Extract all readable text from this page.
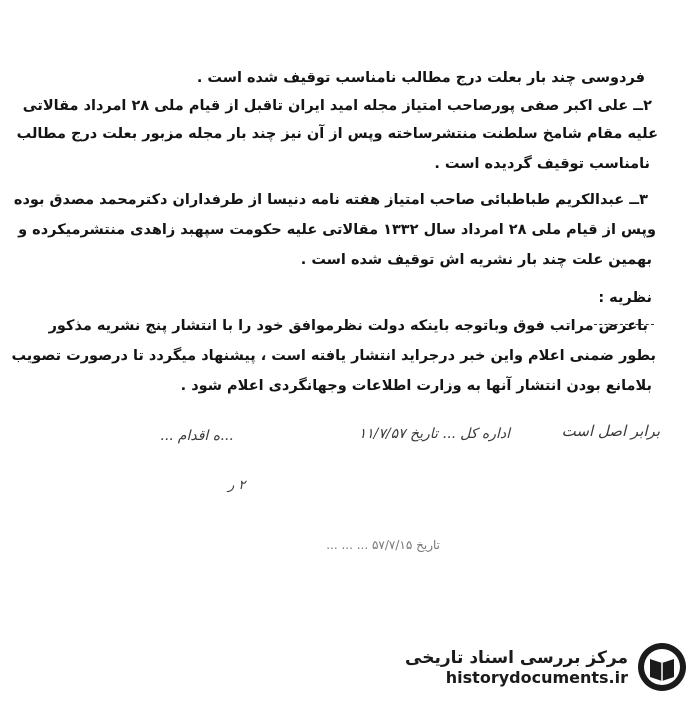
فردوسی چند بار بعلت درج مطالب نامناسب توقیف شده است .
۲ــ علی اکبر صفی پورصاحب امتیاز مجله امید ایران تاقبل از قیام ملی ۲۸ امرداد مقالاتی
علیه مقام شامخ سلطنت منتشرساخته وپس از آن نیز چند بار مجله مزبور بعلت درج مطالب
نامناسب توقیف گردیده است .
۳ــ عبدالکریم طباطبائی صاحب امتیاز هفته نامه دنیسا از طرفداران دکترمحمد مصدق بوده
وپس از قیام ملی ۲۸ امرداد سال ۱۳۳۲ مقالاتی علیه حکومت سپهبد زاهدی منتشرمیکرده و
بهمین علت چند بار نشریه اش توقیف شده است .
نظریه :
باعرض مراتب فوق وباتوجه باینکه دولت نظرموافق خود را با انتشار پنج نشریه مذکور
بطور ضمنی اعلام واین خبر درجراید انتشار یافته است ، پیشنهاد میگردد تا درصورت تصویب
بلامانع بودن انتشار آنها به وزارت اطلاعات وجهانگردی اعلام شود .
برابر اصل است
اداره کل ... تاریخ ۱۱/۷/۵۷
...ه اقدام ...
۲ ر
تاریخ ۵۷/۷/۱۵ ... ... ...
مرکز بررسی اسناد تاریخی
historydocuments.ir
